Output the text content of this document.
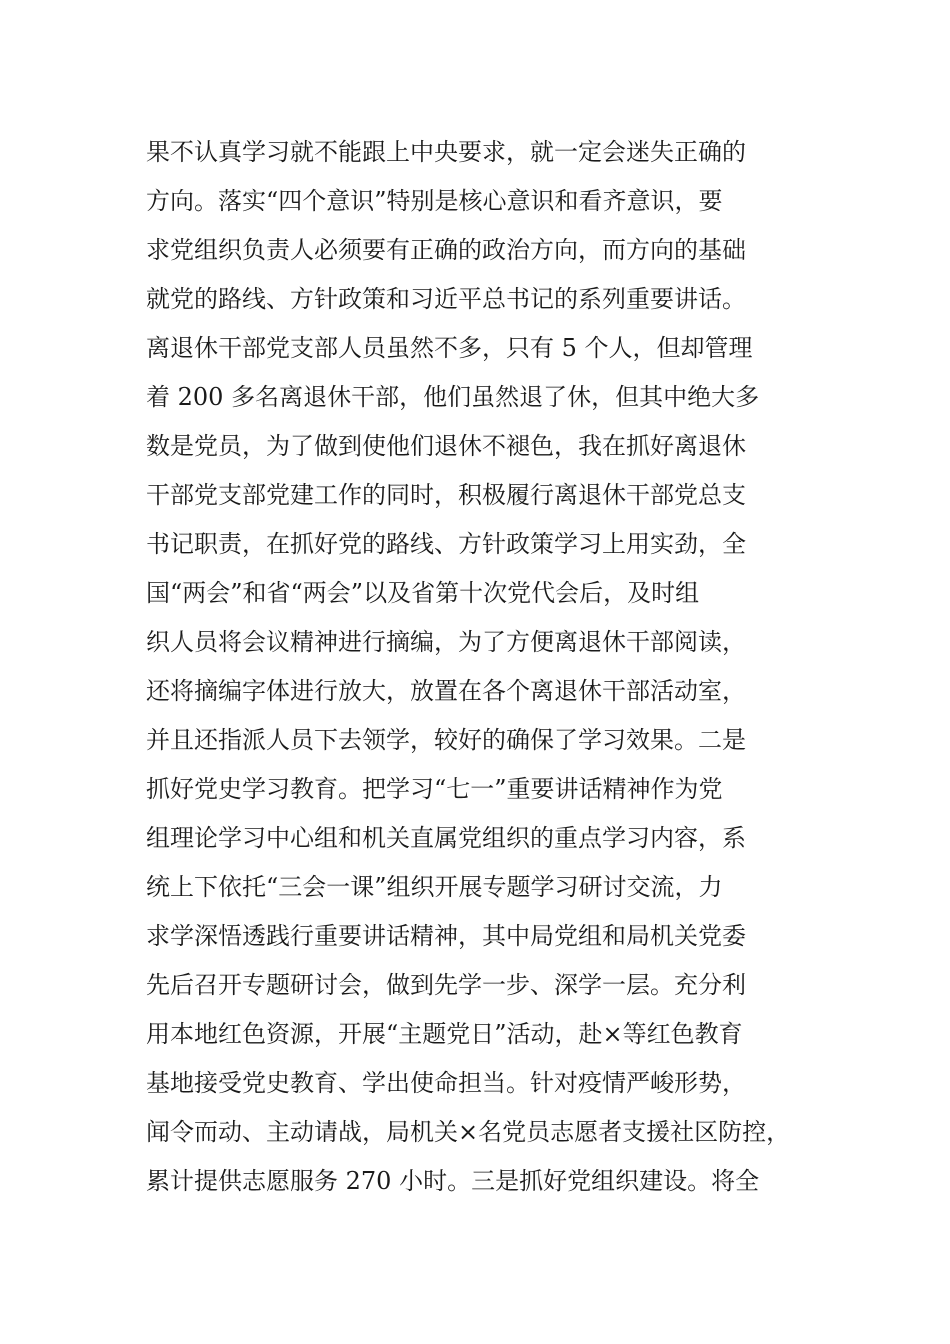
果不认真学习就不能跟上中央要求，就一定会迷失正确的
方向。落实“四个意识”特别是核心意识和看齐意识，要
求党组织负责人必须要有正确的政治方向，而方向的基础
就党的路线、方针政策和习近平总书记的系列重要讲话。
离退休干部党支部人员虽然不多，只有 5 个人，但却管理
着 200 多名离退休干部，他们虽然退了休，但其中绝大多
数是党员，为了做到使他们退休不褪色，我在抓好离退休
干部党支部党建工作的同时，积极履行离退休干部党总支
书记职责，在抓好党的路线、方针政策学习上用实劲，全
国“两会”和省“两会”以及省第十次党代会后，及时组
织人员将会议精神进行摘编，为了方便离退休干部阅读，
还将摘编字体进行放大，放置在各个离退休干部活动室，
并且还指派人员下去领学，较好的确保了学习效果。二是
抓好党史学习教育。把学习“七一”重要讲话精神作为党
组理论学习中心组和机关直属党组织的重点学习内容，系
统上下依托“三会一课”组织开展专题学习研讨交流，力
求学深悟透践行重要讲话精神，其中局党组和局机关党委
先后召开专题研讨会，做到先学一步、深学一层。充分利
用本地红色资源，开展“主题党日”活动，赴×等红色教育
基地接受党史教育、学出使命担当。针对疫情严峻形势，
闻令而动、主动请战，局机关×名党员志愿者支援社区防控，
累计提供志愿服务 270 小时。三是抓好党组织建设。将全
